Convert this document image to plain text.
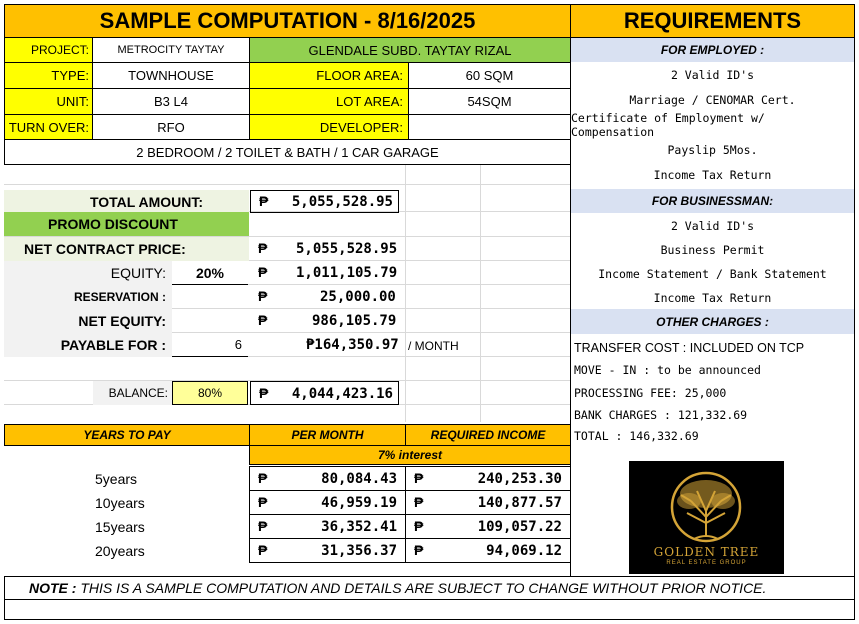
SAMPLE COMPUTATION - 8/16/2025	REQUIREMENTS
PROJECT:	METROCITY TAYTAY	GLENDALE SUBD. TAYTAY RIZAL
TYPE:	TOWNHOUSE	FLOOR AREA:	60 SQM
UNIT:	B3 L4	LOT AREA:	54SQM
TURN OVER:	RFO	DEVELOPER:
2 BEDROOM / 2 TOILET & BATH / 1 CAR GARAGE
TOTAL AMOUNT:	₱ 5,055,528.95
PROMO DISCOUNT
NET CONTRACT PRICE:	₱ 5,055,528.95
EQUITY:	20%	₱ 1,011,105.79
RESERVATION :	₱	25,000.00
NET EQUITY:	₱	986,105.79
PAYABLE FOR :	6	₱164,350.97 / MONTH
BALANCE:	80%	₱ 4,044,423.16
YEARS TO PAY	PER MONTH	REQUIRED INCOME
7% interest
5years	₱	80,084.43 ₱	240,253.30
10years	₱	46,959.19 ₱	140,877.57
15years	₱	36,352.41 ₱	109,057.22
20years	₱	31,356.37 ₱	94,069.12
FOR EMPLOYED :
2 Valid ID's
Marriage / CENOMAR Cert.
Certificate of Employment w/ Compensation
Payslip 5Mos.
Income Tax Return
FOR BUSINESSMAN:
2 Valid ID's
Business Permit
Income Statement / Bank Statement
Income Tax Return
OTHER CHARGES :
TRANSFER COST : INCLUDED ON TCP
MOVE - IN : to be announced
PROCESSING FEE: 25,000
BANK CHARGES : 121,332.69
TOTAL : 146,332.69
GOLDEN TREE
REAL ESTATE GROUP
NOTE :
THIS IS A SAMPLE COMPUTATION AND DETAILS ARE SUBJECT TO CHANGE WITHOUT PRIOR NOTICE.
